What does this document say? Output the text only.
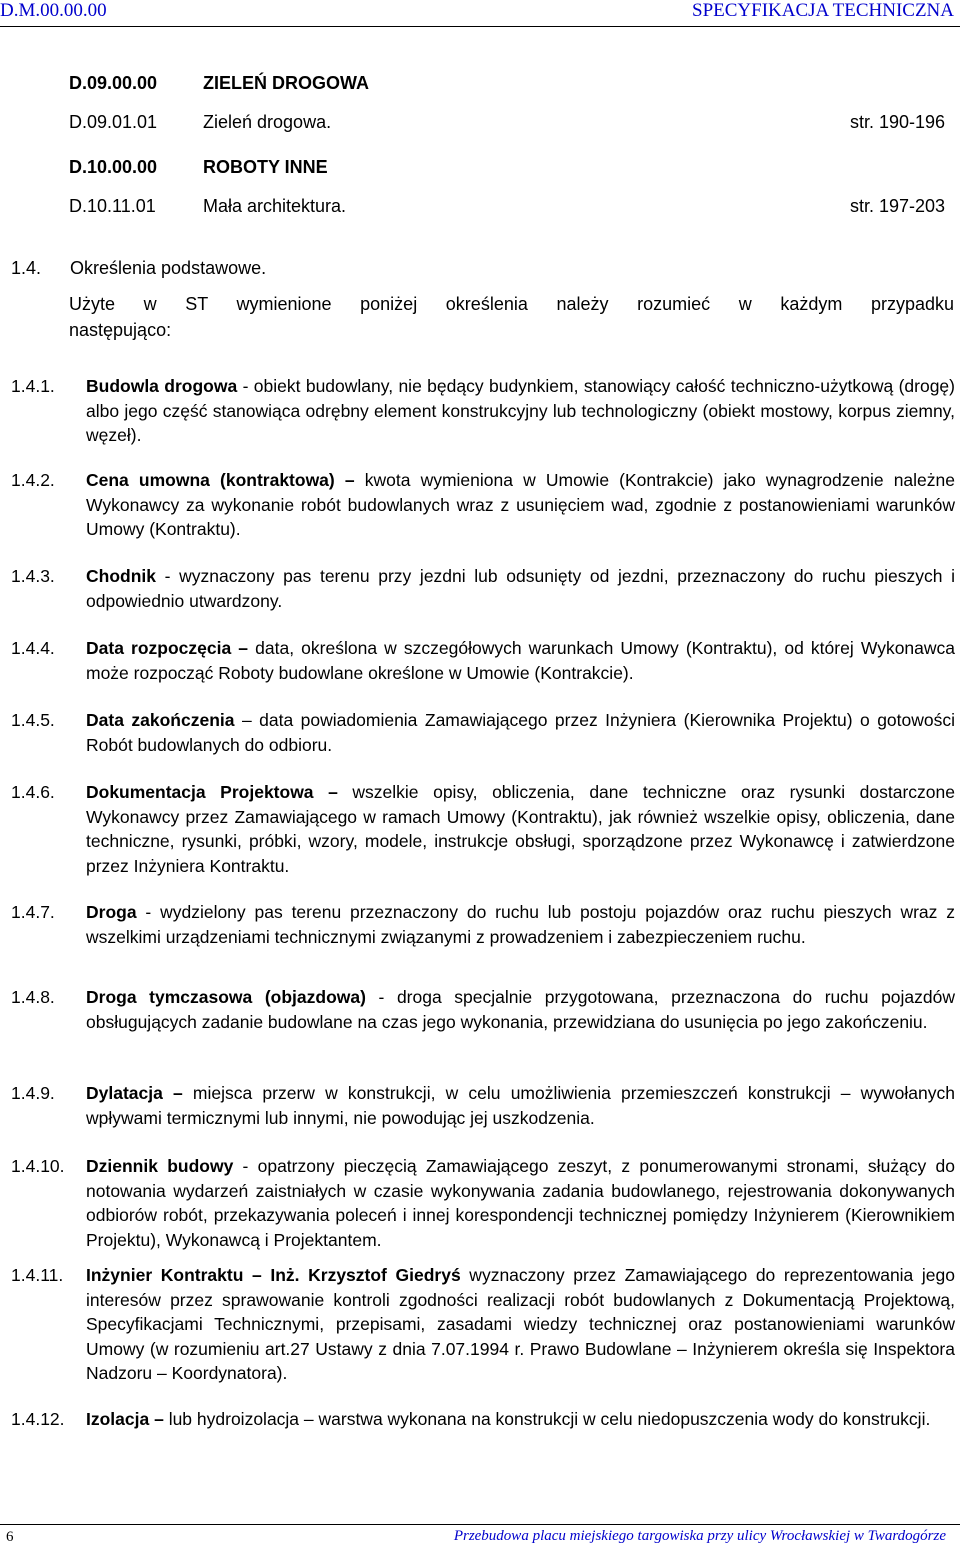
D.M.00.00.00	SPECYFIKACJA TECHNICZNA
D.09.00.00	ZIELEŃ DROGOWA
D.09.01.01	Zieleń drogowa.	str. 190-196
D.10.00.00	ROBOTY INNE
D.10.11.01	Mała architektura.	str. 197-203
1.4. Określenia podstawowe.
Użyte w ST wymienione poniżej określenia należy rozumieć w każdym przypadku
następująco:
1.4.1. Budowla drogowa - obiekt budowlany, nie będący budynkiem, stanowiący całość techniczno-użytkową (drogę) albo jego część stanowiąca odrębny element konstrukcyjny lub technologiczny (obiekt mostowy, korpus ziemny, węzeł).
1.4.2. Cena umowna (kontraktowa) – kwota wymieniona w Umowie (Kontrakcie) jako wynagrodzenie należne Wykonawcy za wykonanie robót budowlanych wraz z usunięciem wad, zgodnie z postanowieniami warunków Umowy (Kontraktu).
1.4.3. Chodnik - wyznaczony pas terenu przy jezdni lub odsunięty od jezdni, przeznaczony do ruchu pieszych i odpowiednio utwardzony.
1.4.4. Data rozpoczęcia – data, określona w szczegółowych warunkach Umowy (Kontraktu), od której Wykonawca może rozpocząć Roboty budowlane określone w Umowie (Kontrakcie).
1.4.5. Data zakończenia – data powiadomienia Zamawiającego przez Inżyniera (Kierownika Projektu) o gotowości Robót budowlanych do odbioru.
1.4.6. Dokumentacja Projektowa – wszelkie opisy, obliczenia, dane techniczne oraz rysunki dostarczone Wykonawcy przez Zamawiającego w ramach Umowy (Kontraktu), jak również wszelkie opisy, obliczenia, dane techniczne, rysunki, próbki, wzory, modele, instrukcje obsługi, sporządzone przez Wykonawcę i zatwierdzone przez Inżyniera Kontraktu.
1.4.7. Droga - wydzielony pas terenu przeznaczony do ruchu lub postoju pojazdów oraz ruchu pieszych wraz z wszelkimi urządzeniami technicznymi związanymi z prowadzeniem i zabezpieczeniem ruchu.
1.4.8. Droga tymczasowa (objazdowa) - droga specjalnie przygotowana, przeznaczona do ruchu pojazdów obsługujących zadanie budowlane na czas jego wykonania, przewidziana do usunięcia po jego zakończeniu.
1.4.9. Dylatacja – miejsca przerw w konstrukcji, w celu umożliwienia przemieszczeń konstrukcji – wywołanych wpływami termicznymi lub innymi, nie powodując jej uszkodzenia.
1.4.10. Dziennik budowy - opatrzony pieczęcią Zamawiającego zeszyt, z ponumerowanymi stronami, służący do notowania wydarzeń zaistniałych w czasie wykonywania zadania budowlanego, rejestrowania dokonywanych odbiorów robót, przekazywania poleceń i innej korespondencji technicznej pomiędzy Inżynierem (Kierownikiem Projektu), Wykonawcą i Projektantem.
1.4.11. Inżynier Kontraktu – Inż. Krzysztof Giedryś wyznaczony przez Zamawiającego do reprezentowania jego interesów przez sprawowanie kontroli zgodności realizacji robót budowlanych z Dokumentacją Projektową, Specyfikacjami Technicznymi, przepisami, zasadami wiedzy technicznej oraz postanowieniami warunków Umowy (w rozumieniu art.27 Ustawy z dnia 7.07.1994 r. Prawo Budowlane – Inżynierem określa się Inspektora Nadzoru – Koordynatora).
1.4.12. Izolacja – lub hydroizolacja – warstwa wykonana na konstrukcji w celu niedopuszczenia wody do konstrukcji.
6	Przebudowa placu miejskiego targowiska przy ulicy Wrocławskiej w Twardogórze
